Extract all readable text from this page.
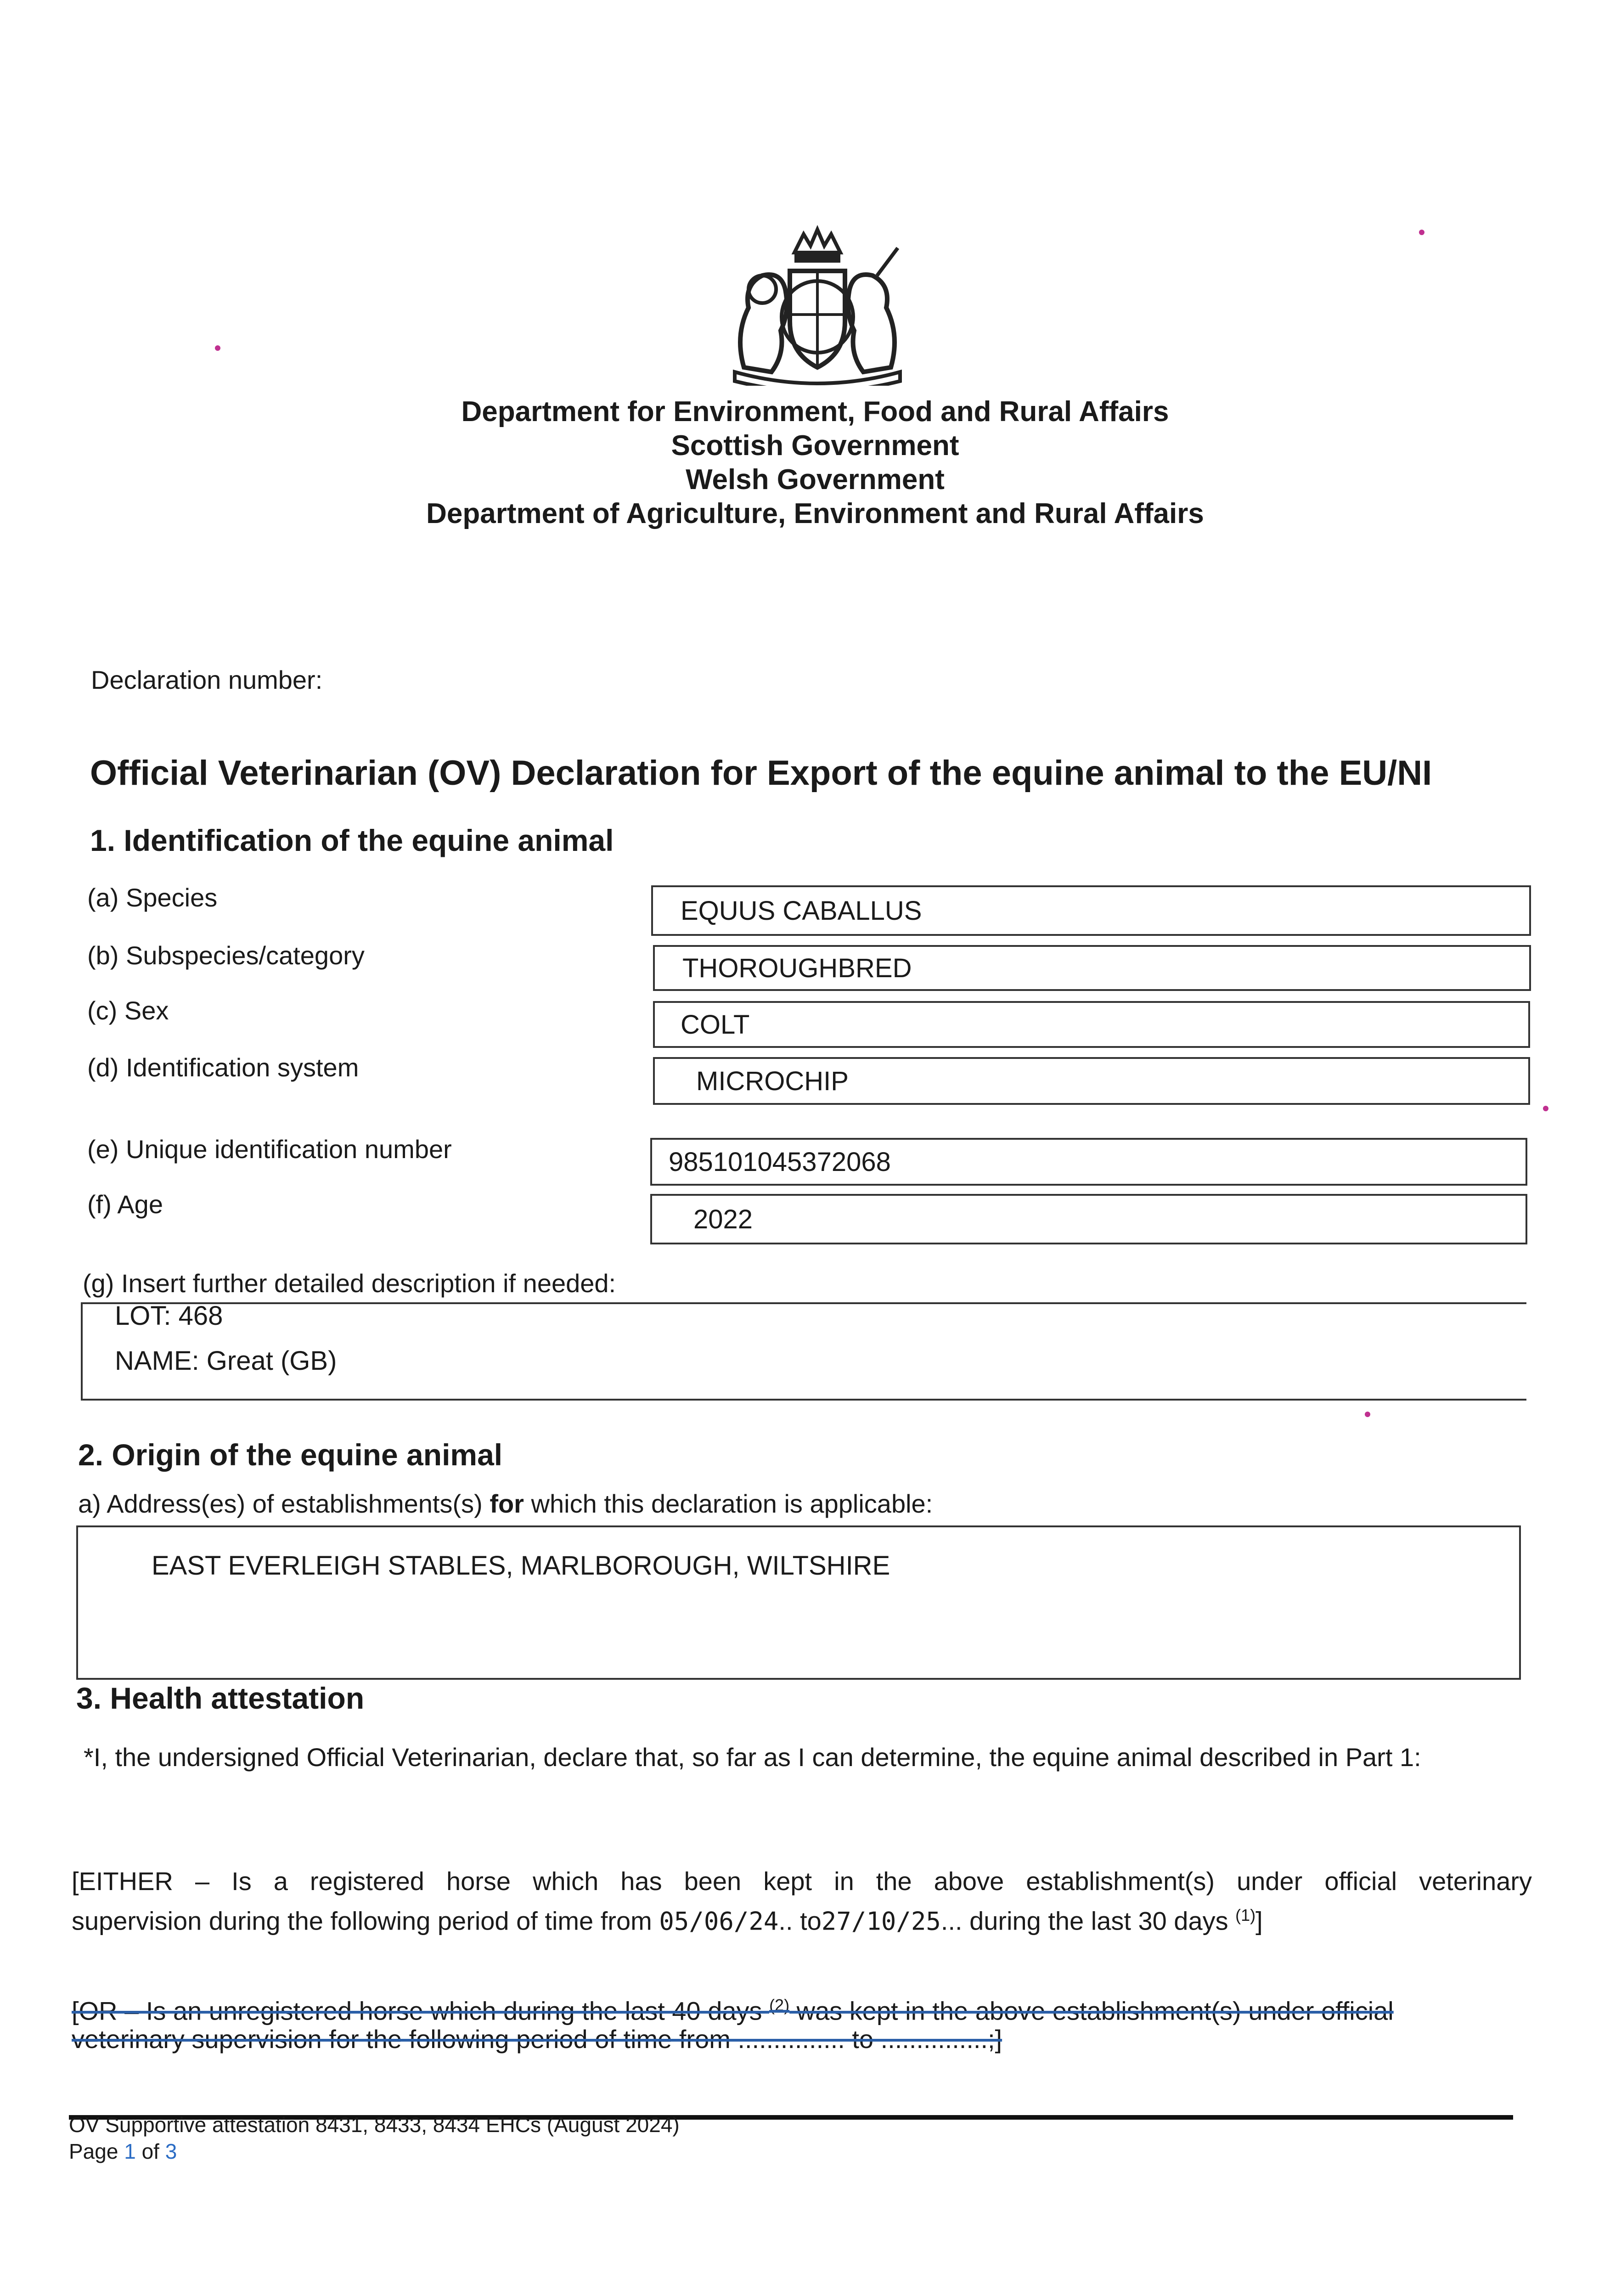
Department for Environment, Food and Rural Affairs
Scottish Government
Welsh Government
Department of Agriculture, Environment and Rural Affairs
Declaration number:
Official Veterinarian (OV) Declaration for Export of the equine animal to the EU/NI
1. Identification of the equine animal
(a) Species	EQUUS CABALLUS
(b) Subspecies/category	THOROUGHBRED
(c) Sex	COLT
(d) Identification system	MICROCHIP
(e) Unique identification number	985101045372068
(f) Age	2022
(g) Insert further detailed description if needed:
LOT: 468
NAME: Great (GB)
2. Origin of the equine animal
a) Address(es) of establishments(s) for which this declaration is applicable:
EAST EVERLEIGH STABLES, MARLBOROUGH, WILTSHIRE
3. Health attestation
*I, the undersigned Official Veterinarian, declare that, so far as I can determine, the equine animal described in Part 1:
[EITHER – Is a registered horse which has been kept in the above establishment(s) under official veterinary
supervision during the following period of time from 05/06/24.. to27/10/25... during the last 30 days $^{(1)}$]
[OR – Is an unregistered horse which during the last 40 days $^{(2)}$ was kept in the above establishment(s) under official
veterinary supervision for the following period of time from ............... to ...............;]
OV Supportive attestation 8431, 8433, 8434 EHCs (August 2024)
Page 1 of 3
